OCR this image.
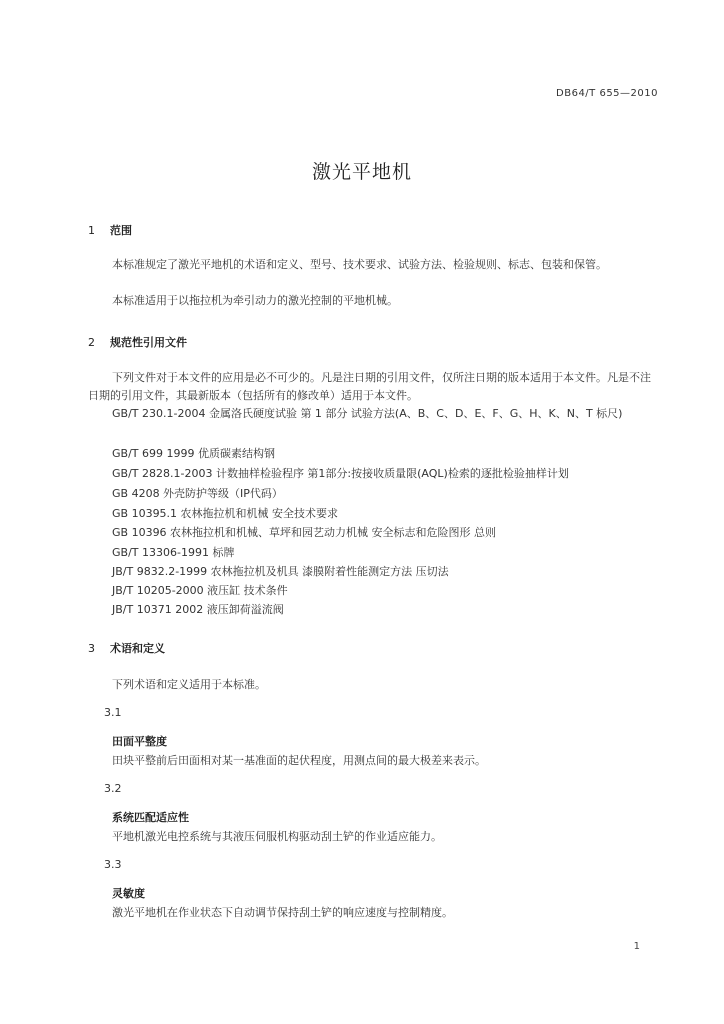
DB64/T 655—2010
激光平地机
1 范围
本标准规定了激光平地机的术语和定义、型号、技术要求、试验方法、检验规则、标志、包装和保管。
本标准适用于以拖拉机为牵引动力的激光控制的平地机械。
2 规范性引用文件
下列文件对于本文件的应用是必不可少的。凡是注日期的引用文件，仅所注日期的版本适用于本文件。凡是不注日期的引用文件，其最新版本（包括所有的修改单）适用于本文件。
GB/T 230.1-2004 金属洛氏硬度试验 第 1 部分 试验方法(A、B、C、D、E、F、G、H、K、N、T 标尺)
GB/T 699 1999 优质碳素结构钢
GB/T 2828.1-2003 计数抽样检验程序 第1部分:按接收质量限(AQL)检索的逐批检验抽样计划
GB 4208 外壳防护等级（IP代码）
GB 10395.1 农林拖拉机和机械 安全技术要求
GB 10396 农林拖拉机和机械、草坪和园艺动力机械 安全标志和危险图形 总则
GB/T 13306-1991 标牌
JB/T 9832.2-1999 农林拖拉机及机具 漆膜附着性能测定方法 压切法
JB/T 10205-2000 液压缸 技术条件
JB/T 10371 2002 液压卸荷溢流阀
3 术语和定义
下列术语和定义适用于本标准。
3.1
田面平整度
田块平整前后田面相对某一基准面的起伏程度，用测点间的最大极差来表示。
3.2
系统匹配适应性
平地机激光电控系统与其液压伺服机构驱动刮土铲的作业适应能力。
3.3
灵敏度
激光平地机在作业状态下自动调节保持刮土铲的响应速度与控制精度。
1
